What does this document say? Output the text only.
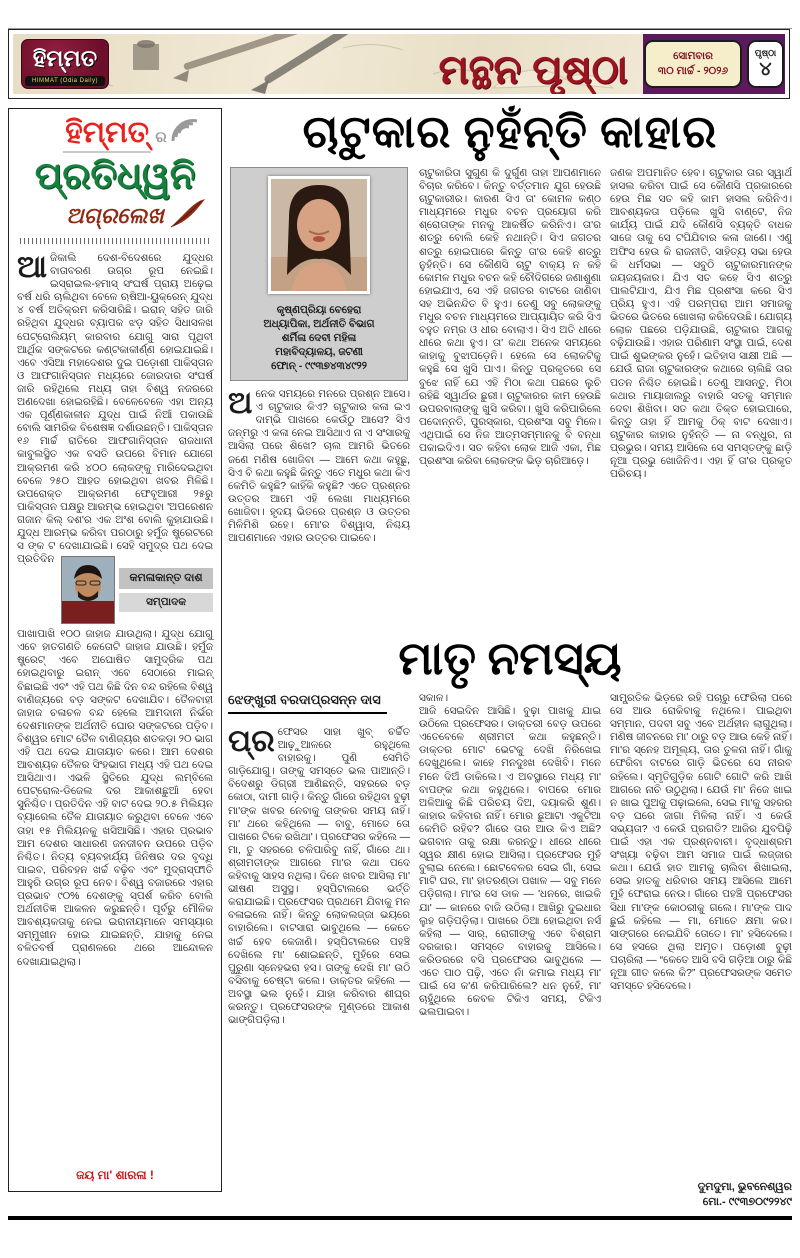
ହିମ୍ମତ
HIMMAT (Odia Daily)	ମନ୍ଥନ ପୃଷ୍ଠା	ସୋମବାର
୩୦ ମାର୍ଚ୍ଚ - ୨୦୨୬
ପୃଷ୍ଠା
୪
ହିମ୍ମତ୍ ର
ପ୍ରତିଧ୍ୱନି
ଅଗ୍ରଲେଖ
ଆଜିକାଲି ଦେଶ-ବିଦେଶରେ ଯୁଦ୍ଧର ବାତାବରଣ ଉଗ୍ର ରୂପ ନେଇଛି। ଇସ୍ରାଇଲ-ହମାସ୍ ସଂଘର୍ଷ ପ୍ରାୟ ଅଢ଼େଇ ବର୍ଷ ଧରି ଚାଲିଥିବା ବେଳେ ଋଷିଆ-ୟୁକ୍ରେନ୍ ଯୁଦ୍ଧ ୪ ବର୍ଷ ଅତିକ୍ରମ କରିସାରିଛି। ଇରାନ୍ ସହିତ ଜାରି ରହିଥିବା ଯୁଦ୍ଧର ବ୍ୟାପକ ଝଡ଼ ସହିତ ସିଧାସଳଖ ପେଟ୍ରୋଲିୟମ୍ କାରବାର ଯୋଗୁ ସାରା ପୃଥିବୀ ଆର୍ଥିକ ସଙ୍କଟରେ କଣ୍ଟକାକୀର୍ଣ୍ଣ ହୋଇଯାଇଛି। ଏବେ ଏସିଆ ମହାଦେଶର ଦୁଇ ପଡ଼ୋଶୀ ପାକିସ୍ତାନ ଓ ଆଫଗାନିସ୍ତାନ ମଧ୍ୟରେ ଜୋରଦାର ସଂଘର୍ଷ ଜାରି ରହିଥିଲେ ମଧ୍ୟ ତାହା ବିଶ୍ୱ ନଜରରେ ଅଣଦେଖା ହୋଇରହିଛି। ବେଳେବେଳେ ଏହା ଅନ୍ୟ ଏକ ପୂର୍ଣ୍ଣକାଳୀନ ଯୁଦ୍ଧ ପାଇଁ ନିଆଁ ପକାଉଛି ବୋଲି ସାମରିକ ବିଶେଷଜ୍ଞ ଦର୍ଶାଉଛନ୍ତି। ପାକିସ୍ତାନ ୧୬ ମାର୍ଚ୍ଚ ରାତିରେ ଆଫଗାନିସ୍ତାନ ରାଜଧାନୀ କାବୁଲସ୍ଥିତ ଏକ ବସତି ଉପରେ ବିମାନ ଯୋଗେ ଆକ୍ରମଣ କରି ୪୦୦ ଲୋକଙ୍କୁ ମାରିଦେଇଥିବା ବେଳେ ୨୫୦ ଆହତ ହୋଇଥିବା ଖବର ମିଳିଛି। ଉପରୋକ୍ତ ଆକ୍ରମଣ ଫେବୃଆରୀ ୨୫ରୁ ପାକିସ୍ତାନ ପକ୍ଷରୁ ଆରମ୍ଭ ହୋଇଥିବା 'ଅପରେଶନ ଗଜାନ କିଲ୍ ଦଶ'ର ଏକ ଅଂଶ ବୋଲି କୁହାଯାଉଛି। ଯୁଦ୍ଧ ଆରମ୍ଭ କରିବା ପରଠାରୁ ହର୍ମୁଜ ଷ୍ଟ୍ରେଟରେ ସ ଙ୍କ ଟ ଦେଖାଯାଇଛି। ସେହି ସମୁଦ୍ର ପଥ
କମଳାକାନ୍ତ ଦାଶ
ସମ୍ପାଦକ
ଦେଇ ପ୍ରତିଦିନ ପାଖାପାଖି ୧୦୦ ଜାହାଜ ଯାଉଥିଲା। ଯୁଦ୍ଧ ଯୋଗୁ ଏବେ ହାତଗଣତି କେତୋଟି ଜାହାଜ ଯାଉଛି। ହର୍ମୁଜ ଷ୍ଟ୍ରେଟ୍ ଏବେ ଅଘୋଷିତ ସାମୁଦ୍ରିକ ପଥ ହୋଇଥିବାରୁ ଇରାନ୍ ଏବେ ସେଠାରେ ମାଇନ୍ ବିଛାଇଛି ଏବଂ ଏହି ପଥ କିଛି ଦିନ ବନ୍ଦ ରହିଲେ ବିଶ୍ୱ ବାଣିଜ୍ୟରେ ବଡ଼ ସଙ୍କଟ ଦେଖାଯିବ। ତୈଳବାହୀ ଜାହାଜ ଚଳାଚଳ ବନ୍ଦ ହେଲେ ଆମଦାନୀ ନିର୍ଭର ଦେଶମାନଙ୍କ ଅର୍ଥନୀତି ଘୋର ସଙ୍କଟରେ ପଡ଼ିବ। ବିଶ୍ୱର ମୋଟ ତୈଳ ବାଣିଜ୍ୟର ଶତକଡ଼ା ୨୦ ଭାଗ ଏହି ପଥ ଦେଇ ଯାତାୟାତ କରେ। ଆମ ଦେଶର ଆବଶ୍ୟକ ତୈଳର ସିଂହଭାଗ ମଧ୍ୟ ଏହି ପଥ ଦେଇ ଆସିଥାଏ। ଏଭଳି ସ୍ଥିତିରେ ଯୁଦ୍ଧ ଲମ୍ବିଲେ ପେଟ୍ରୋଲ-ଡିଜେଲ ଦର ଆକାଶଛୁଆଁ ହେବା ସୁନିଶ୍ଚିତ। ପ୍ରତିଦିନ ଏହି ବାଟ ଦେଇ ୨୦.୫ ମିଲିୟନ ବ୍ୟାରେଲ ତୈଳ ଯାତାୟାତ କରୁଥିବା ବେଳେ ଏବେ ତାହା ୧୫ ମିଲିୟନକୁ ଖସିଆସିଛି। ଏହାର ପ୍ରଭାବ ଆମ ଦେଶର ସାଧାରଣ ଜନଜୀବନ ଉପରେ ପଡ଼ିବ ନିଶ୍ଚିତ। ନିତ୍ୟ ବ୍ୟବହାର୍ଯ୍ୟ ଜିନିଷର ଦର ବୃଦ୍ଧି ପାଇବ, ପରିବହନ ଖର୍ଚ୍ଚ ବଢ଼ିବ ଏବଂ ମୁଦ୍ରାସ୍ଫୀତି ଆହୁରି ଉଗ୍ର ରୂପ ନେବ। ବିଶ୍ୱ ବଜାରରେ ଏହାର ପ୍ରଭାବ ୯୦% ଦେଶଙ୍କୁ ସ୍ପର୍ଶ କରିବ ବୋଲି ଅର୍ଥନୀତିଜ୍ଞ ଆକଳନ କରୁଛନ୍ତି। ପୂର୍ବରୁ ମୌଳିକ ଆବଶ୍ୟକତାକୁ ନେଇ ଇରାନୀୟମାନେ ସମସ୍ୟାର ସମ୍ମୁଖୀନ ହୋଇ ଯାଇଛନ୍ତି, ଯାହାକୁ ନେଇ ବଳିତବର୍ଷ ପ୍ରାଣଳରେ ଥରେ ଆନ୍ଦୋଳନ ଦେଖାଯାଇଥିଲା।
ଜୟ ମା' ଶାରଳା !
ଚାଟୁକାର ନୁହଁନ୍ତି କାହାର
କୃଷ୍ଣପ୍ରିୟା ବେହେରା
ଅଧ୍ୟାପିକା, ଅର୍ଥନୀତି ବିଭାଗ
ଶର୍ମିଳା ଦେବୀ ମହିଳା
ମହାବିଦ୍ୟାଳୟ, ଜଟଣୀ
ଫୋନ୍ - ୯୯୩୭୪୩୪୯୨୨
ଅ ନେକ ସମୟରେ ମନରେ ପ୍ରଶ୍ନ ଆସେ। ଏ ଚାଟୁକାର କିଏ? ଚାଟୁକାର କଳା ଇଏ ଦାମ୍ଭି ପାଖରେ କେଉଁଠୁ ଆସେ? ସିଏ ଜନ୍ମରୁ ଏ କଳା ନେଇ ଆସିଥାଏ ନା ଏ ସଂସାରକୁ ଆସିଲା ପରେ ଶିଖେ? ଚାଲ ଆମରି ଭିତରେ ଜଣେ ମଣିଷ ଖୋଜିବା — ଆମେ କଥା କହୁଛୁ, ସିଏ ବି କଥା କହୁଛି କିନ୍ତୁ ଏତେ ମଧୁର କଥା କିଏ କେମିତି କହୁଛି? କାହିଁକି କହୁଛି? ଏତେ ପ୍ରଶ୍ନର ଉତ୍ତର ଆମେ ଏହି ଲେଖା ମାଧ୍ୟମରେ ଖୋଜିବା। ହୃଦୟ ଭିତରେ ପ୍ରଶ୍ନ ଓ ଉତ୍ତର ମିଳିମିଶି ରହେ। ମୋ'ର ବିଶ୍ୱାସ, ନିଶ୍ଚୟ ଆପଣମାନେ ଏହାର ଉତ୍ତର ପାଇବେ।
ଚାଟୁକାରିତା ସୁଗୁଣ କି ଦୁର୍ଗୁଣ ତାହା ଆପଣମାନେ ବିଚାର କରିବେ। କିନ୍ତୁ ବର୍ତ୍ତମାନ ଯୁଗ ହେଉଛି ଚାଟୁକାରୀର। କାରଣ ସିଏ ତା' କୋମଳ କଣ୍ଠ ମାଧ୍ୟମରେ ମଧୁର ବଚନ ପ୍ରୟୋଗ କରି ଶ୍ରୋତାଙ୍କ ମନକୁ ଆକର୍ଷିତ କରିନିଏ। ତା'ର ଶତ୍ରୁ ବୋଲି କେହି ନଥାନ୍ତି। ସିଏ ଜଗତର ଶତ୍ରୁ ହୋଇପାରେ କିନ୍ତୁ ତା'ର କେହି ଶତ୍ରୁ ନୁହଁନ୍ତି। ସେ କୌଣସି ଚାଟୁ ବାକ୍ୟ ନ କହି କୋମଳ ମଧୁର ବଚନ କହି ଚୌଦିଗରେ ଜଣାଶୁଣା ହୋଇଯାଏ, ସେ ଏହି ଜଗତର ବାଟରେ ଜାଣିବା ସହ ଅଭିନନ୍ଦିତ ବି ହୁଏ। ତେଣୁ ସବୁ ଲୋକଙ୍କୁ ମଧୁର ବଚନ ମାଧ୍ୟମରେ ଆପ୍ୟାୟିତ କରି ସିଏ ବହୁତ ନମ୍ର ଓ ଧୀର ବୋଲାଏ। ସିଏ ଅତି ଧୀରେ ଧୀରେ କଥା ହୁଏ। ତା' କଥା ଅନେକ ସମୟରେ କାହାକୁ ବୁଝାପଡ଼େନି। ହେଲେ ସେ ଲୋକଟିକୁ କହୁଛି ସେ ଖୁସି ପାଏ। କିନ୍ତୁ ପ୍ରକୃତରେ ସେ ବୁଝେ ନାହିଁ ଯେ ଏହି ମିଠା କଥା ପଛରେ ଲୁଚି ରହିଛି ସ୍ୱାର୍ଥର ଛୁରୀ। ଚାଟୁକାରର କାମ ହେଉଛି ଉପରବାଲାଙ୍କୁ ଖୁସି କରିବା। ଖୁସି କରିପାରିଲେ ପଦୋନ୍ନତି, ପୁରସ୍କାର, ପ୍ରଶଂସା ସବୁ ମିଳେ। ଏଥିପାଇଁ ସେ ନିଜ ଆତ୍ମସମ୍ମାନକୁ ବି ବନ୍ଧା ପକାଇଦିଏ। ସତ କହିବା ଲୋକ ଆଜି ଏକା, ମିଛ ପ୍ରଶଂସା କରିବା ଲୋକଙ୍କ ଭିଡ଼ ଚାରିଆଡ଼େ।
ଜଣକ ଅପମାନିତ ହେବ। ଚାଟୁକାର ତାର ସ୍ୱାର୍ଥ ହାସଲ କରିବା ପାଇଁ ସେ କୌଣସି ପ୍ରକାରରେ ହେଉ ମିଛ ସତ କହି କାମ ହାସଲ କରିନିଏ। ଆବଶ୍ୟକତା ପଡ଼ିଲେ ଖୁସି ବାଣ୍ଟେ, ନିଜ କାର୍ଯ୍ୟ ପାଇଁ ଯଦି କୌଣସି ବ୍ୟକ୍ତି ବାଧକ ସାଜେ ତାକୁ ସେ ଟପିଯିବାର କଳା ଜାଣେ। ଏଣୁ ଅଫିସ ହେଉ କି ରାଜନୀତି, ସାହିତ୍ୟ ସଭା ହେଉ କି ଧର୍ମସଭା — ସବୁଠି ଚାଟୁକାରମାନଙ୍କ ଜୟଜୟକାର। ଯିଏ ସତ କହେ ସିଏ ଶତ୍ରୁ ପାଲଟିଯାଏ, ଯିଏ ମିଛ ପ୍ରଶଂସା କରେ ସିଏ ପ୍ରିୟ ହୁଏ। ଏହି ପରମ୍ପରା ଆମ ସମାଜକୁ ଭିତରେ ଭିତରେ ଖୋଖଲା କରିଦେଉଛି। ଯୋଗ୍ୟ ଲୋକ ପଛରେ ପଡ଼ିଯାଉଛି, ଚାଟୁକାର ଆଗକୁ ବଢ଼ିଯାଉଛି। ଏହାର ପରିଣାମ ସଂସ୍ଥା ପାଇଁ, ଦେଶ ପାଇଁ ଶୁଭଙ୍କର ନୁହେଁ। ଇତିହାସ ସାକ୍ଷୀ ଅଛି — ଯେଉଁ ରାଜା ଚାଟୁକାରଙ୍କ କଥାରେ ଚାଲିଛି ତାର ପତନ ନିଶ୍ଚିତ ହୋଇଛି। ତେଣୁ ଆସନ୍ତୁ, ମିଠା କଥାର ମାୟାଜାଲରୁ ବାହାରି ସତକୁ ସମ୍ମାନ ଦେବା ଶିଖିବା। ସତ କଥା ତିକ୍ତ ହୋଇପାରେ, କିନ୍ତୁ ତାହା ହିଁ ଆମକୁ ଠିକ୍ ବାଟ ଦେଖାଏ। ଚାଟୁକାର କାହାର ନୁହଁନ୍ତି — ନା ବନ୍ଧୁର, ନା ପ୍ରଭୁର। ସମୟ ଆସିଲେ ସେ ସମସ୍ତଙ୍କୁ ଛାଡ଼ି ନୂଆ ପ୍ରଭୁ ଖୋଜିନିଏ। ଏହା ହିଁ ତା'ର ପ୍ରକୃତ ପରିଚୟ।
ମାତୃ ନମସ୍ୟ
ଝେଙ୍ଖୁରୀ ବରଦାପ୍ରସନ୍ନ ଦାସ
ପ୍ର ଫେସର ସାହା ଖୁବ୍ ଚର୍ଚ୍ଚିତ ଆଢ଼ୁଆଳରେ ରହୁଥିଲେ ବାହାରକୁ। ପୁଣି ସେମିତି ଗାଡ଼ିଯୋଗୁ। ତାଙ୍କୁ ସମସ୍ତେ ଭଲ ପାଆନ୍ତି। ବିଦେଶରୁ ଡିଗ୍ରୀ ଆଣିଛନ୍ତି, ସହରରେ ବଡ଼ କୋଠା, ଦାମୀ ଗାଡ଼ି। କିନ୍ତୁ ଗାଁରେ ରହିଥିବା ବୁଢ଼ୀ ମା'ଙ୍କ ଖବର ନେବାକୁ ତାଙ୍କର ସମୟ ନାହିଁ। ମା' ଥରେ କହିଥିଲେ — ବାବୁ, ମୋତେ ତୋ ପାଖରେ ଟିକେ ରଖିଥା'। ପ୍ରଫେସର କହିଲେ — ମା, ତୁ ସହରରେ ଚଳିପାରିବୁ ନାହିଁ, ଗାଁରେ ଥା। ଶ୍ରୀମତୀଙ୍କ ଆଗରେ ମା'ର କଥା ପଦେ କହିବାକୁ ସାହସ ନଥିଲା। ଦିନେ ଖବର ଆସିଲା ମା' ଭୀଷଣ ଅସୁସ୍ଥ। ହସ୍ପିଟାଲରେ ଭର୍ତ୍ତି କରାଯାଇଛି। ପ୍ରଫେସର ପ୍ରଥମେ ଯିବାକୁ ମନ ବଳାଇଲେ ନାହିଁ। କିନ୍ତୁ ଲୋକଲଜ୍ଜା ଭୟରେ ବାହାରିଲେ। ବାଟସାରା ଭାବୁଥିଲେ — କେତେ ଖର୍ଚ୍ଚ ହେବ କେଜାଣି। ହସ୍ପିଟାଲରେ ପହଞ୍ଚି ଦେଖିଲେ ମା' ଶୋଇଛନ୍ତି, ମୁହଁରେ ସେଇ ପୁରୁଣା ସ୍ନେହଭରା ହସ। ତାଙ୍କୁ ଦେଖି ମା' ଉଠି ବସିବାକୁ ଚେଷ୍ଟା କଲେ। ଡାକ୍ତର କହିଲେ — ଅବସ୍ଥା ଭଲ ନୁହେଁ। ଯାହା କରିବାର ଶୀଘ୍ର କରନ୍ତୁ। ପ୍ରଫେସରଙ୍କ ମୁଣ୍ଡରେ ଆକାଶ ଭାଙ୍ଗିପଡ଼ିଲା।
ସକାଳ।
ଆଜି ସେଇଦିନ ଆସିଛି। ବୁଢ଼ା ପାଖକୁ ଯାଇ ଉଠିଲେ ପ୍ରଫେସର। ଡାକ୍ତରୀ ବେଡ଼ ଉପରେ ଏତେବେଳେ ଶ୍ରୀମତୀ କଥା କହୁଛନ୍ତି। ଡାକ୍ତର ମୋଟ ଭେଟକୁ ଦେଖି ନିରିଖେଇ ଦେଖୁଥିଲେ। କାହେ ମନଦୁଃଖ ଦେଖିବି। ମନେ ମନେ ଦିଅଁ ଡାକିଲେ। ଏ ଅବସ୍ଥାରେ ମଧ୍ୟ ମା' ବାପଙ୍କ କଥା କହୁଥିଲେ। ବାପରେ ମୋର ଅଳିଆକୁ କିଛି ପରିଚୟ ଦିଅ, ଦୟାକରି ଶୁଣ। କାହାର କହିବାର ନାହିଁ। ମୋର ଛୁଆଟା ଏକୁଟିଆ କେମିତି ରହିବ? ଗାଁରେ ତାର ଆଉ କିଏ ଅଛି? ଭଗବାନ ତାକୁ ରକ୍ଷା କରନ୍ତୁ। ଧୀରେ ଧୀରେ ସ୍ୱର କ୍ଷୀଣ ହୋଇ ଆସିଲା। ପ୍ରଫେସର ମୁହଁ ବୁଲାଇ ନେଲେ। ଛୋଟବେଳର ସେଇ ଗାଁ, ସେଇ ମାଟି ଘର, ମା' ହାତରଣ୍ଡା ପଖାଳ — ସବୁ ମନେ ପଡ଼ିଗଲା। ମା'ର ସେ ଡାକ — 'ଧନରେ, ଖାଇକି ଯା' — କାନରେ ବାଜି ଉଠିଲା। ଆଖିରୁ ଦୁଇଧାର ଲୁହ ଗଡ଼ିପଡ଼ିଲା। ପାଖରେ ଠିଆ ହୋଇଥିବା ନର୍ସ କହିଲା — ସାର୍, ରୋଗୀଙ୍କୁ ଏବେ ବିଶ୍ରାମ ଦରକାର। ସମସ୍ତେ ବାହାରକୁ ଆସିଲେ। କରିଡରରେ ବସି ପ୍ରଫେସର ଭାବୁଥିଲେ — ଏତେ ପାଠ ପଢ଼ି, ଏତେ ନାଁ କମାଇ ମଧ୍ୟ ମା' ପାଇଁ ସେ କ'ଣ କରିପାରିଲେ? ଧନ ନୁହେଁ, ମା' ଚାହୁଁଥିଲେ କେବଳ ଟିକିଏ ସମୟ, ଟିକିଏ ଭଲପାଇବା।
ସାମ୍ପ୍ରତିକ ଭିଡ଼ରେ ରହି ପଚାରୁ ଫେରିଲା ପରେ ସେ ଆଉ ରୋକିବାକୁ ନଥିଲେ। ପାଇଥିବା ସମ୍ମାନ, ପଦବୀ ସବୁ ଏବେ ଅର୍ଥହୀନ ଲାଗୁଥିଲା। ମଣିଷ ଜୀବନରେ ମା' ଠାରୁ ବଡ଼ ଆଉ କେହି ନାହିଁ। ମା'ର ସ୍ନେହ ଅମୂଲ୍ୟ, ତାର ତୁଳନା ନାହିଁ। ଗାଁକୁ ଫେରିବା ବାଟରେ ଗାଡ଼ି ଭିତରେ ସେ ନୀରବ ରହିଲେ। ସ୍ମୃତିଗୁଡ଼ିକ ଗୋଟି ଗୋଟି କରି ଆଖି ଆଗରେ ନାଚି ଉଠୁଥିଲା। ଯେଉଁ ମା' ନିଜେ ଖାଇ ନ ଖାଇ ପୁଅକୁ ପଢ଼ାଇଲେ, ସେଇ ମା'କୁ ସହରର ବଡ଼ ଘରେ ଜାଗା ମିଳିଲା ନାହିଁ। ଏ କେଉଁ ସଭ୍ୟତା? ଏ କେଉଁ ପ୍ରଗତି? ଆଜିର ଯୁବପିଢ଼ି ପାଇଁ ଏହା ଏକ ପ୍ରଶ୍ନବାଚୀ। ବୃଦ୍ଧାଶ୍ରମ ସଂଖ୍ୟା ବଢ଼ିବା ଆମ ସମାଜ ପାଇଁ ଲଜ୍ଜାର କଥା। ଯେଉଁ ହାତ ଆମକୁ ଚାଲିବା ଶିଖାଇଲା, ସେଇ ହାତକୁ ଧରିବାର ସମୟ ଆସିଲେ ଆମେ ମୁହଁ ଫେରାଇ ନେଉ। ଗାଁରେ ପହଞ୍ଚି ପ୍ରଫେସର ସିଧା ମା'ଙ୍କ କୋଠରୀକୁ ଗଲେ। ମା'ଙ୍କ ପାଦ ଛୁଇଁ କହିଲେ — ମା, ମୋତେ କ୍ଷମା କର। ସାଙ୍ଗରେ ନେଇଯିବି ତୋତେ। ମା' ହସିଦେଲେ। ସେ ହସରେ ଥିଲା ଅମୃତ। ପଡ଼ୋଶୀ ବୁଢ଼ୀ ପଚାରିଲା — “କେତେ ଆସି ବସି ଗଡ଼ିଆ ଠାରୁ କିଛି ନୂଆ ଗୀତ କଲେ କି?” ପ୍ରଫେସରଙ୍କ ସମେତ ସମସ୍ତେ ହସିଦେଲେ।
ଦୁମଦୁମା, ଭୁବନେଶ୍ୱର
ମୋ.- ୯୯୩୭୦୯୨୨୪୯
